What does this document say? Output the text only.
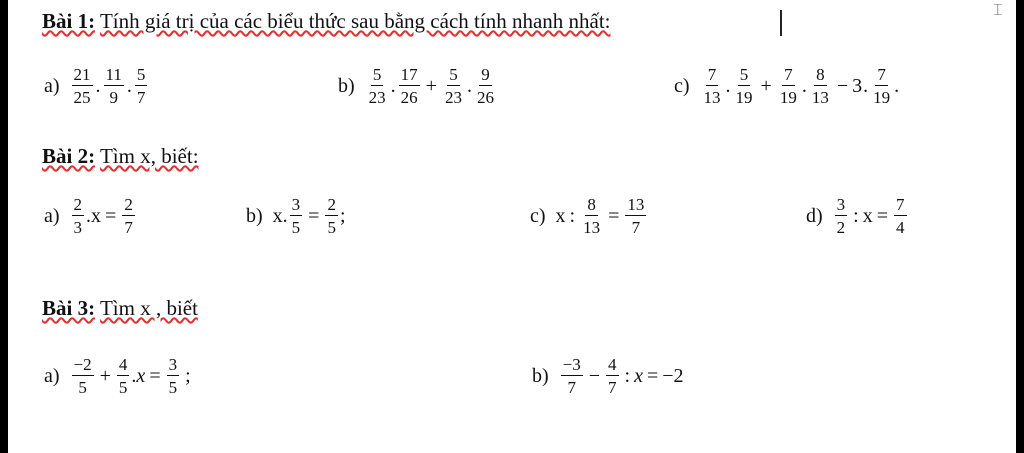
⌶
Bài 1: Tính giá trị của các biểu thức sau bằng cách tính nhanh nhất:
$a) \frac{21}{25}$ . $\frac{11}{9}$ . $\frac{5}{7}$	$b) \frac{5}{23}$ . $\frac{17}{26} + \frac{5}{23}$ . $\frac{9}{26}$	$c) \frac{7}{13}$ . $\frac{5}{19} + \frac{7}{19}$ . $\frac{8}{13} - 3$ . $\frac{7}{19}$ .
Bài 2: Tìm x, biết:
$a) \frac{2}{3}$ . $x = \frac{2}{7}$	b) x . $\frac{3}{5} = \frac{2}{5}$ ;	c) x : $\frac{8}{13} = \frac{13}{7}$	$d) \frac{3}{2}$ : $x = \frac{7}{4}$
Bài 3: Tìm x , biết
$a) \frac{-2}{5} + \frac{4}{5}$ . $x = \frac{3}{5}$ ;	$b) \frac{-3}{7} - \frac{4}{7}$ : x = −2
